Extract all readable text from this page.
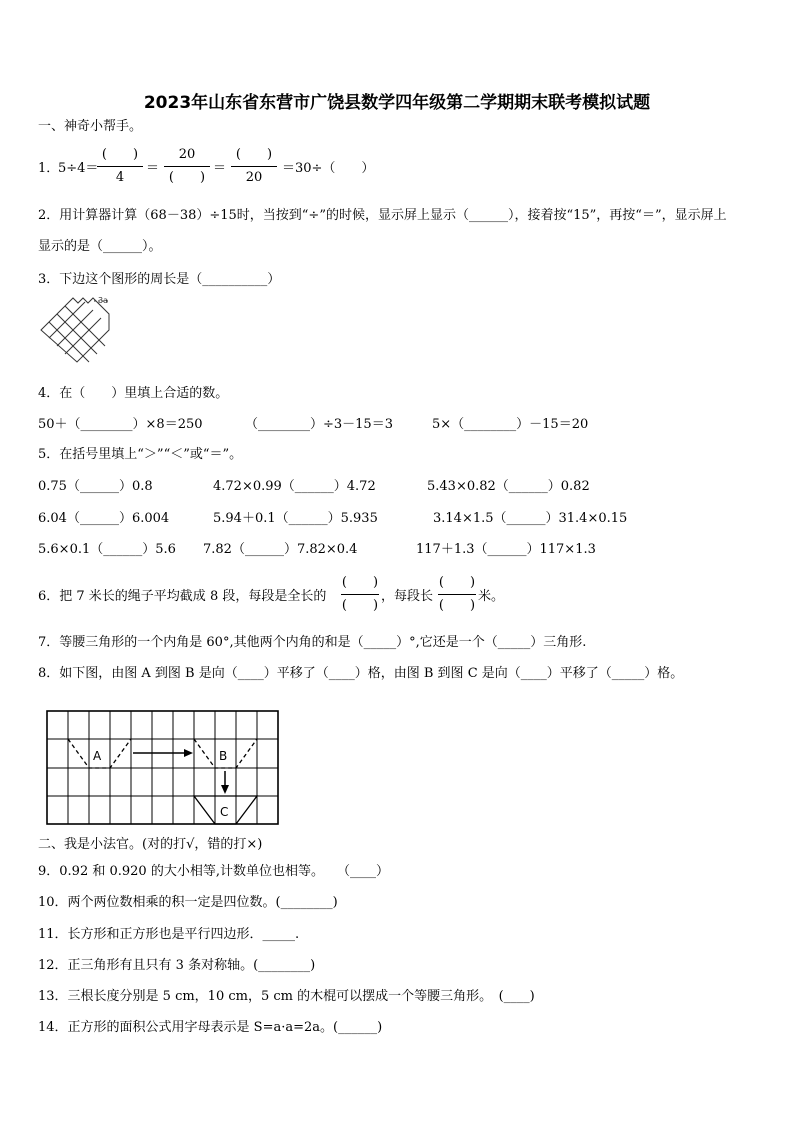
2023年山东省东营市广饶县数学四年级第二学期期末联考模拟试题
一、神奇小帮手。
1．
5÷4＝
(　　)
4
＝
20
(　　)
＝
(　　)
20
＝30÷（　　）
2．用计算器计算（68－38）÷15时，当按到“÷”的时候，显示屏上显示（______），接着按“15”，再按“＝”，显示屏上
显示的是（______）。
3．下边这个图形的周长是（__________）
3a
4．在（　　）里填上合适的数。
50＋（________）×8＝250	（________）÷3－15＝3	5×（________）－15＝20
5．在括号里填上“＞”“＜”或“＝”。
0.75（______）0.8	4.72×0.99（______）4.72	5.43×0.82（______）0.82
6.04（______）6.004	5.94＋0.1（______）5.935	3.14×1.5（______）31.4×0.15
5.6×0.1（______）5.6 7.82（______）7.82×0.4	117＋1.3（______）117×1.3
6．把 7 米长的绳子平均截成 8 段，每段是全长的
(　　)
(　　)
，每段长
(　　)
(　　)
米。
7．等腰三角形的一个内角是 60°,其他两个内角的和是（_____）°,它还是一个（_____）三角形.
8．如下图，由图 A 到图 B 是向（____）平移了（____）格，由图 B 到图 C 是向（____）平移了（_____）格。
A	B
C
二、我是小法官。(对的打√，错的打×)
9．0.92 和 0.920 的大小相等,计数单位也相等。　　（____）
10．两个两位数相乘的积一定是四位数。(________)
11．长方形和正方形也是平行四边形．_____.
12．正三角形有且只有 3 条对称轴。(________)
13．三根长度分别是 5 cm，10 cm，5 cm 的木棍可以摆成一个等腰三角形。　(____)
14．正方形的面积公式用字母表示是 S=a·a=2a。(______)
